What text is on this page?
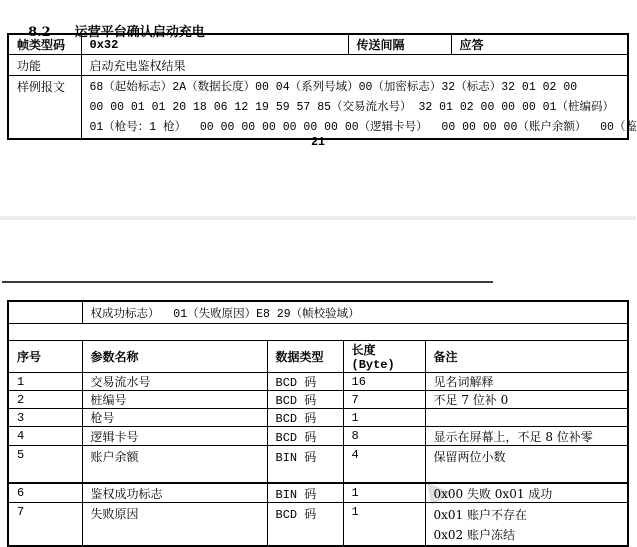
8.2 运营平台确认启动充电

帧类型码	0x32	传送间隔	应答
功能	启动充电鉴权结果		
样例报文	68（起始标志）2A（数据长度）00 04（系列号域）00（加密标志）32（标志）32 01 02 00
00 00 01 01 20 18 06 12 19 59 57 85（交易流水号） 32 01 02 00 00 00 01（桩编码）
01（枪号：1 枪）  00 00 00 00 00 00 00 00（逻辑卡号）  00 00 00 00（账户余额）  00（鉴		
21
	权成功标志）  01（失败原因）E8 29（帧校验域）			

序号	参数名称	数据类型	长度(Byte)	备注
1	交易流水号	BCD 码	16	见名词解释
2	桩编号	BCD 码	7	不足 7 位补 0
3	枪号	BCD 码	1	
4	逻辑卡号	BCD 码	8	显示在屏幕上，不足 8 位补零
5	账户余额	BIN 码	4	保留两位小数
6	鉴权成功标志	BIN 码	1	0x00 失败 0x01 成功
7	失败原因	BCD 码	1	0x01 账户不存在
0x02 账户冻结
